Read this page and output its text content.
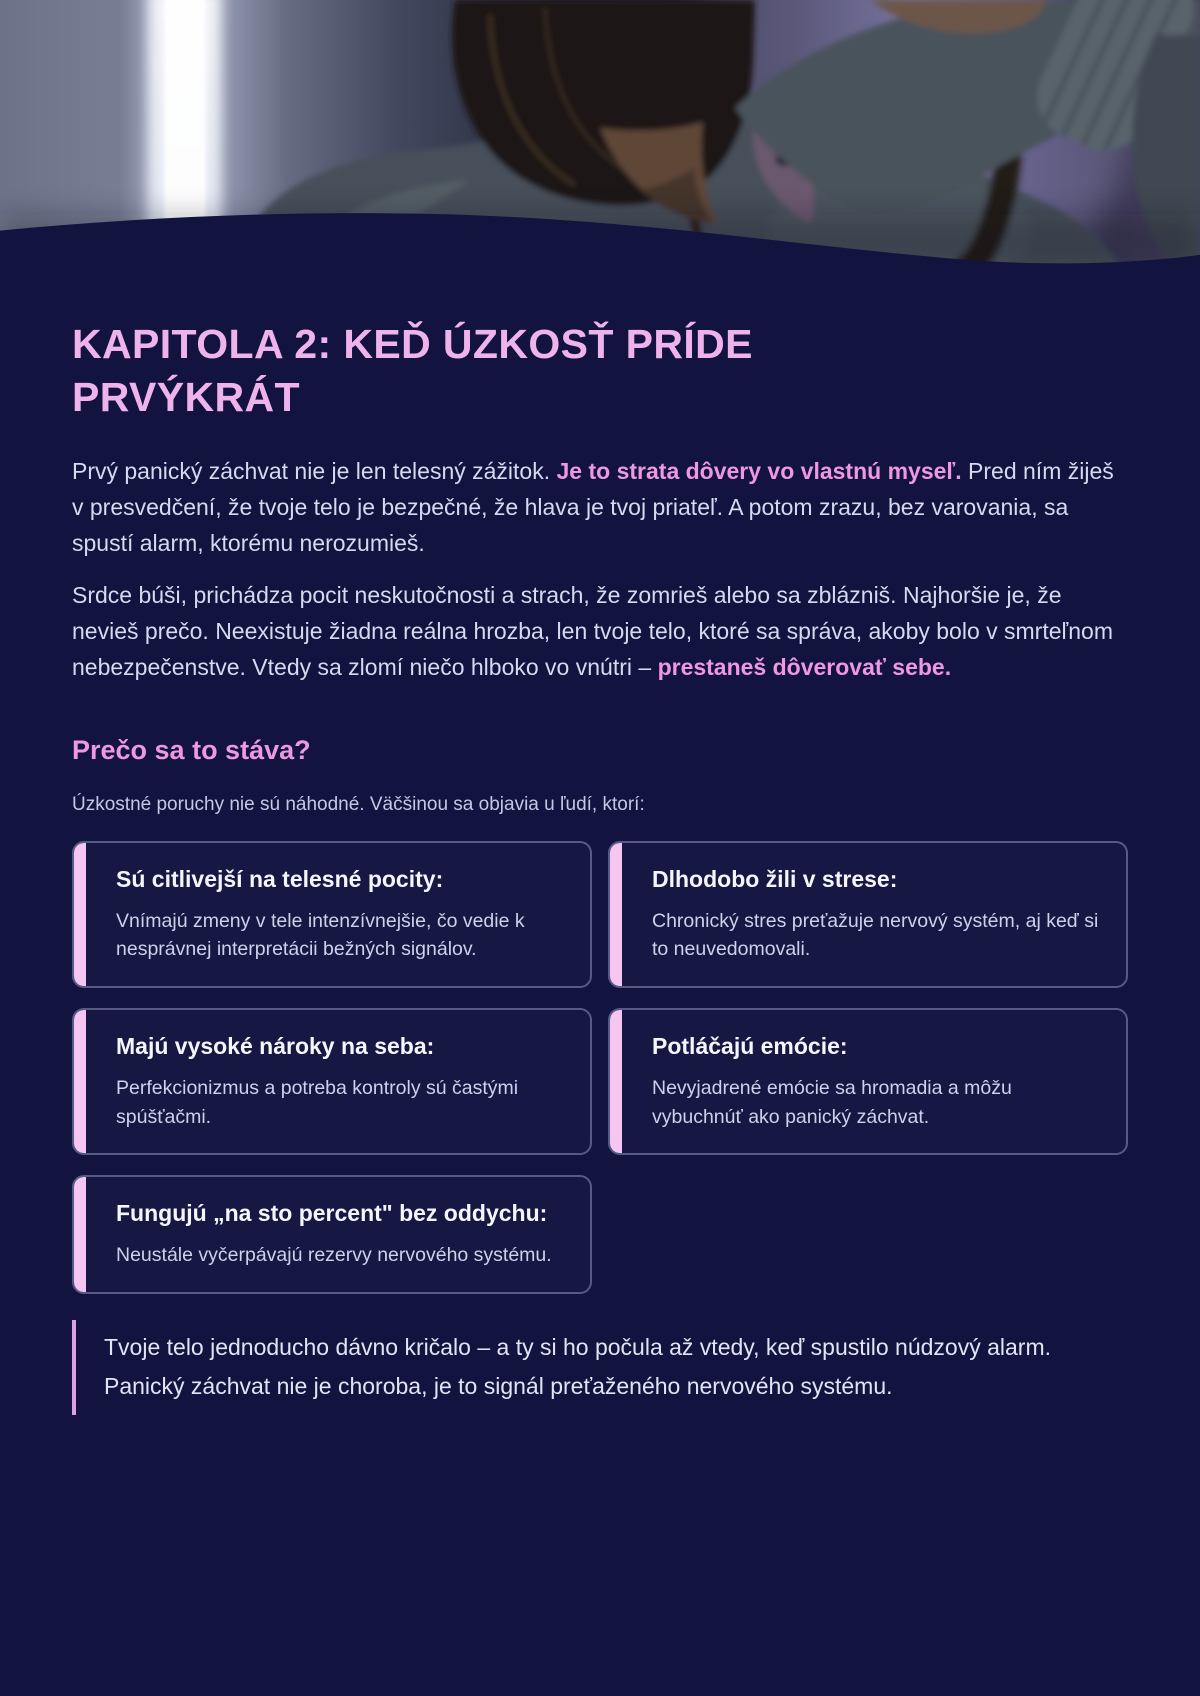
KAPITOLA 2: KEĎ ÚZKOSŤ PRÍDE PRVÝKRÁT

Prvý panický záchvat nie je len telesný zážitok. Je to strata dôvery vo vlastnú myseľ. Pred ním žiješ v presvedčení, že tvoje telo je bezpečné, že hlava je tvoj priateľ. A potom zrazu, bez varovania, sa spustí alarm, ktorému nerozumieš.

Srdce búši, prichádza pocit neskutočnosti a strach, že zomrieš alebo sa zblázniš. Najhoršie je, že nevieš prečo. Neexistuje žiadna reálna hrozba, len tvoje telo, ktoré sa správa, akoby bolo v smrteľnom nebezpečenstve. Vtedy sa zlomí niečo hlboko vo vnútri – prestaneš dôverovať sebe.

Prečo sa to stáva?

Úzkostné poruchy nie sú náhodné. Väčšinou sa objavia u ľudí, ktorí:

Sú citlivejší na telesné pocity:

Vnímajú zmeny v tele intenzívnejšie, čo vedie k nesprávnej interpretácii bežných signálov.

Dlhodobo žili v strese:

Chronický stres preťažuje nervový systém, aj keď si to neuvedomovali.

Majú vysoké nároky na seba:

Perfekcionizmus a potreba kontroly sú častými spúšťačmi.

Potláčajú emócie:

Nevyjadrené emócie sa hromadia a môžu vybuchnúť ako panický záchvat.

Fungujú „na sto percent" bez oddychu:

Neustále vyčerpávajú rezervy nervového systému.

Tvoje telo jednoducho dávno kričalo – a ty si ho počula až vtedy, keď spustilo núdzový alarm. Panický záchvat nie je choroba, je to signál preťaženého nervového systému.
